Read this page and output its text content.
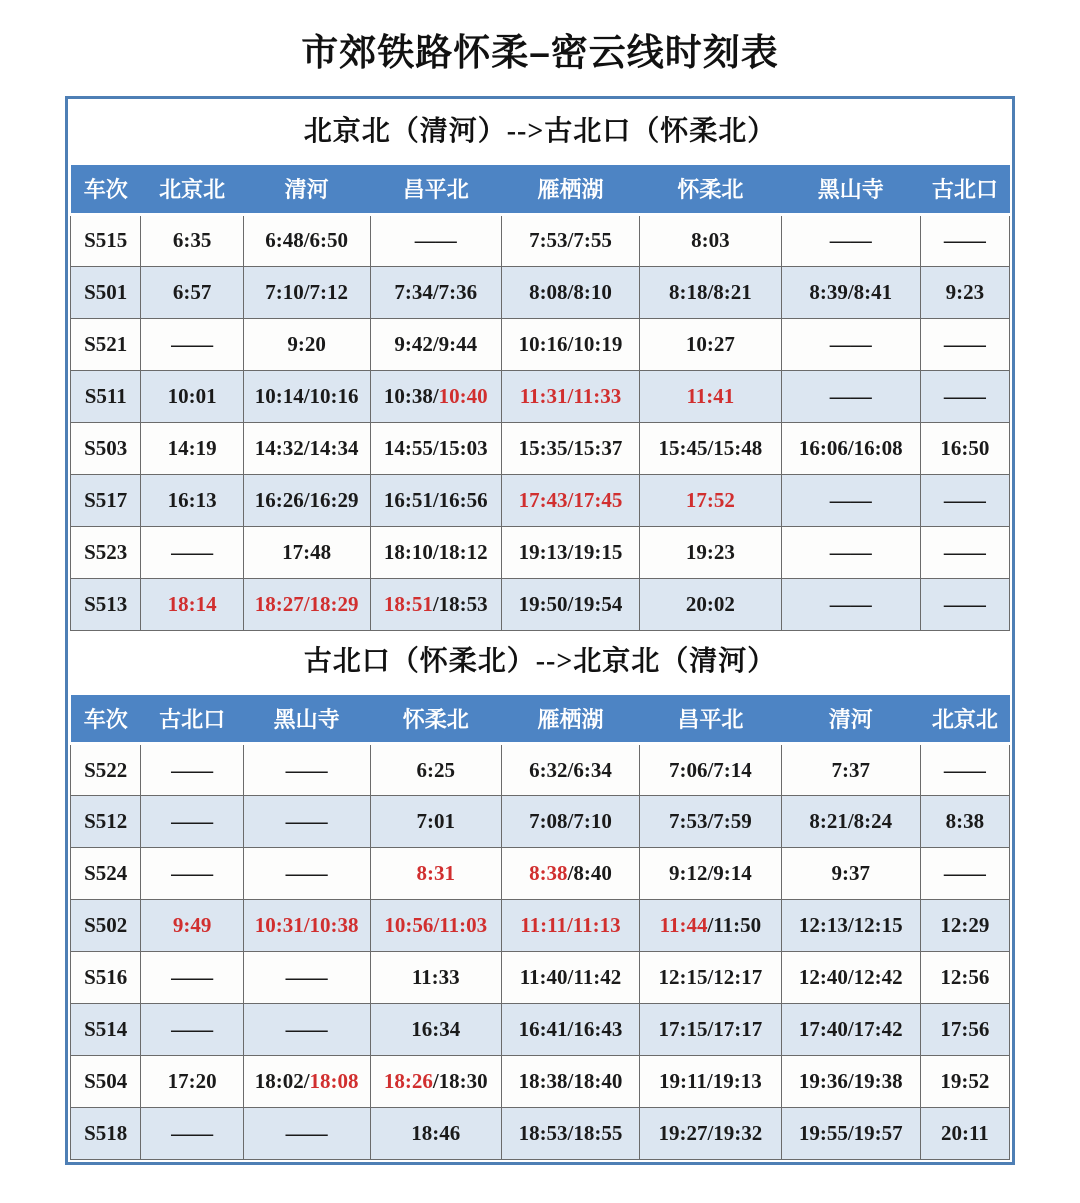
市郊铁路怀柔–密云线时刻表
北京北（清河）-->古北口（怀柔北）
车次	北京北	清河	昌平北	雁栖湖	怀柔北	黑山寺	古北口
S515	6:35	6:48/6:50	——	7:53/7:55	8:03	——	——
S501	6:57	7:10/7:12	7:34/7:36	8:08/8:10	8:18/8:21	8:39/8:41	9:23
S521	——	9:20	9:42/9:44	10:16/10:19	10:27	——	——
S511	10:01	10:14/10:16	10:38/10:40	11:31/11:33	11:41	——	——
S503	14:19	14:32/14:34	14:55/15:03	15:35/15:37	15:45/15:48	16:06/16:08	16:50
S517	16:13	16:26/16:29	16:51/16:56	17:43/17:45	17:52	——	——
S523	——	17:48	18:10/18:12	19:13/19:15	19:23	——	——
S513	18:14	18:27/18:29	18:51/18:53	19:50/19:54	20:02	——	——
古北口（怀柔北）-->北京北（清河）
车次	古北口	黑山寺	怀柔北	雁栖湖	昌平北	清河	北京北
S522	——	——	6:25	6:32/6:34	7:06/7:14	7:37	——
S512	——	——	7:01	7:08/7:10	7:53/7:59	8:21/8:24	8:38
S524	——	——	8:31	8:38/8:40	9:12/9:14	9:37	——
S502	9:49	10:31/10:38	10:56/11:03	11:11/11:13	11:44/11:50	12:13/12:15	12:29
S516	——	——	11:33	11:40/11:42	12:15/12:17	12:40/12:42	12:56
S514	——	——	16:34	16:41/16:43	17:15/17:17	17:40/17:42	17:56
S504	17:20	18:02/18:08	18:26/18:30	18:38/18:40	19:11/19:13	19:36/19:38	19:52
S518	——	——	18:46	18:53/18:55	19:27/19:32	19:55/19:57	20:11
